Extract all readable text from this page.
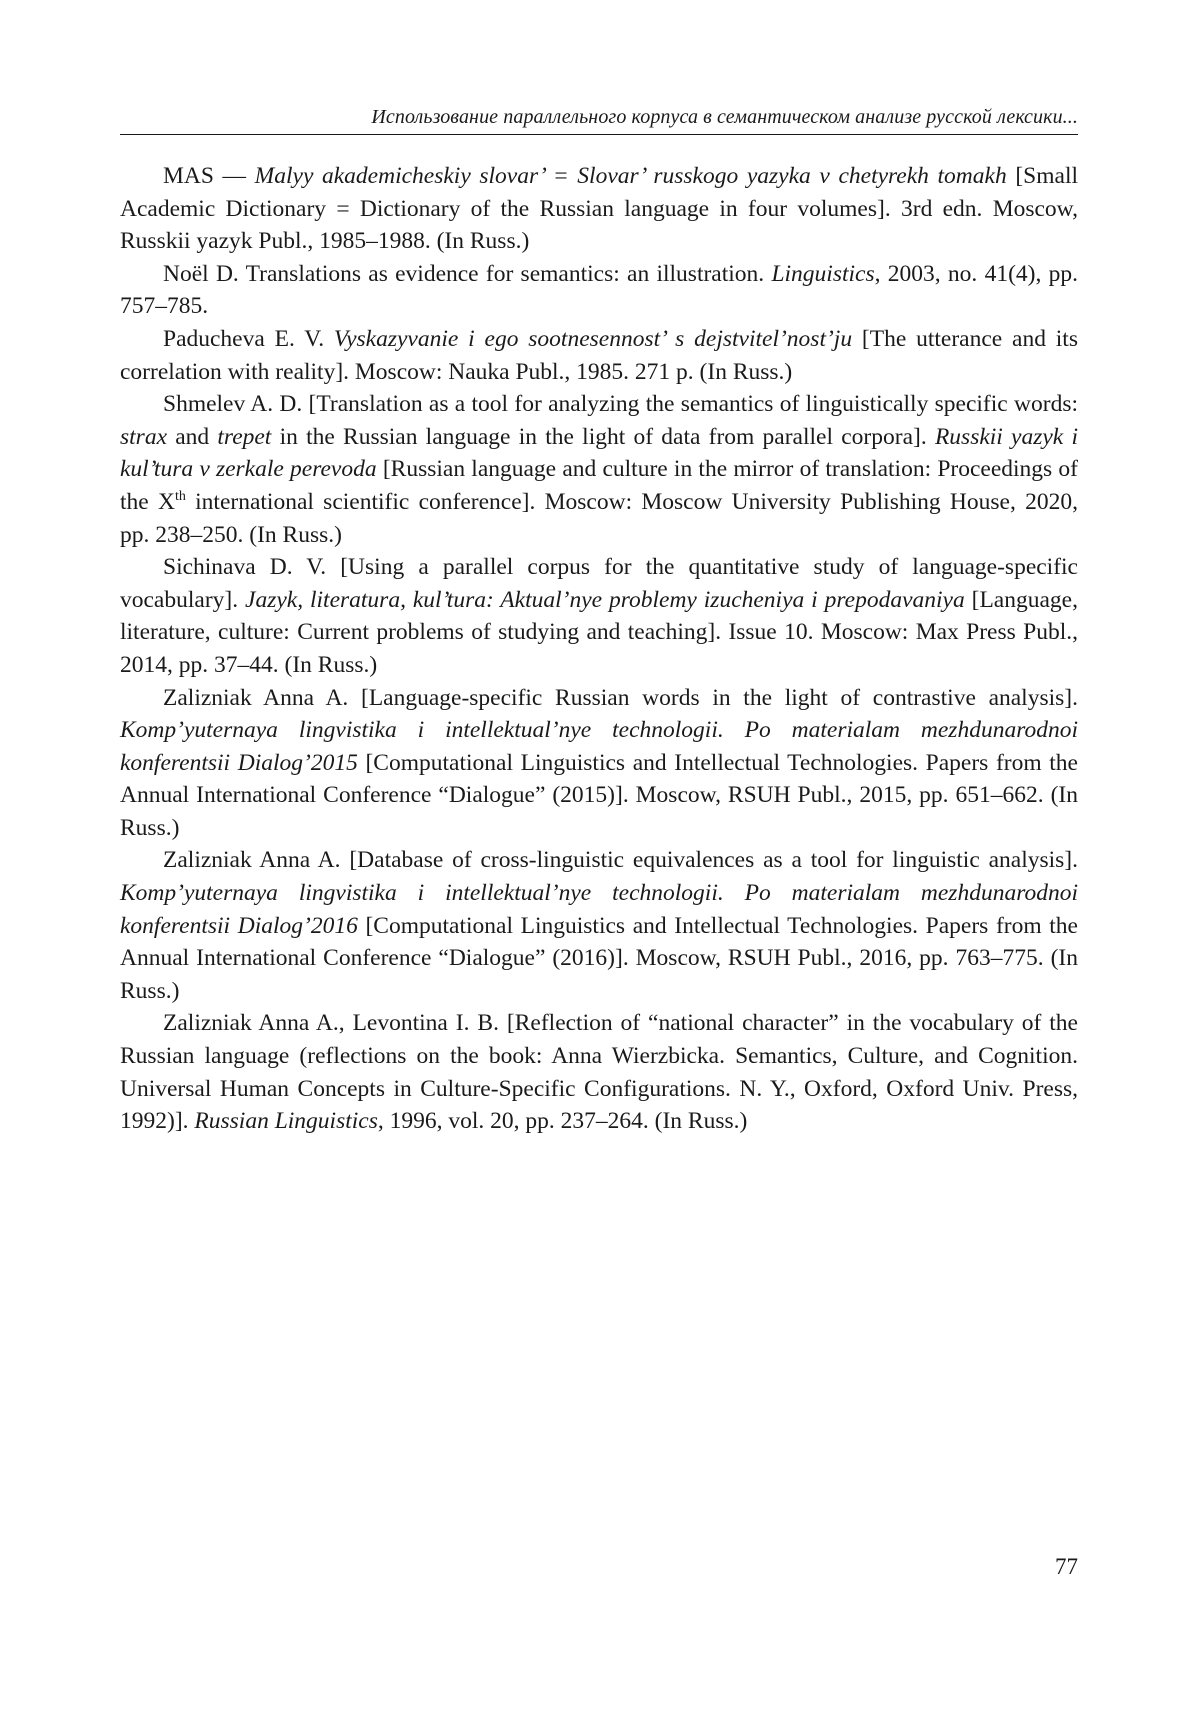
Использование параллельного корпуса в семантическом анализе русской лексики...

MAS — Malyy akademicheskiy slovar’ = Slovar’ russkogo yazyka v chetyrekh tomakh [Small Academic Dictionary = Dictionary of the Russian language in four volumes]. 3rd edn. Moscow, Russkii yazyk Publ., 1985–1988. (In Russ.)

Noël D. Translations as evidence for semantics: an illustration. Linguistics, 2003, no. 41(4), pp. 757–785.

Paducheva E. V. Vyskazyvanie i ego sootnesennost’ s dejstvitel’nost’ju [The utterance and its correlation with reality]. Moscow: Nauka Publ., 1985. 271 p. (In Russ.)

Shmelev A. D. [Translation as a tool for analyzing the semantics of linguistically specific words: strax and trepet in the Russian language in the light of data from parallel corpora]. Russkii yazyk i kul’tura v zerkale perevoda [Russian language and culture in the mirror of translation: Proceedings of the Xth international scientific conference]. Moscow: Moscow University Publishing House, 2020, pp. 238–250. (In Russ.)

Sichinava D. V. [Using a parallel corpus for the quantitative study of language-specific vocabulary]. Jazyk, literatura, kul’tura: Aktual’nye problemy izucheniya i prepodavaniya [Language, literature, culture: Current problems of studying and teaching]. Issue 10. Moscow: Max Press Publ., 2014, pp. 37–44. (In Russ.)

Zalizniak Anna A. [Language-specific Russian words in the light of contrastive analysis]. Komp’yuternaya lingvistika i intellektual’nye technologii. Po materialam mezhdunarodnoi konferentsii Dialog’2015 [Computational Linguistics and Intellectual Technologies. Papers from the Annual International Conference “Dialogue” (2015)]. Moscow, RSUH Publ., 2015, pp. 651–662. (In Russ.)

Zalizniak Anna A. [Database of cross-linguistic equivalences as a tool for linguistic analysis]. Komp’yuternaya lingvistika i intellektual’nye technologii. Po materialam mezhdunarodnoi konferentsii Dialog’2016 [Computational Linguistics and Intellectual Technologies. Papers from the Annual International Conference “Dialogue” (2016)]. Moscow, RSUH Publ., 2016, pp. 763–775. (In Russ.)

Zalizniak Anna A., Levontina I. B. [Reflection of “national character” in the vocabulary of the Russian language (reflections on the book: Anna Wierzbicka. Semantics, Culture, and Cognition. Universal Human Concepts in Culture-Specific Configurations. N. Y., Oxford, Oxford Univ. Press, 1992)]. Russian Linguistics, 1996, vol. 20, pp. 237–264. (In Russ.)

77
